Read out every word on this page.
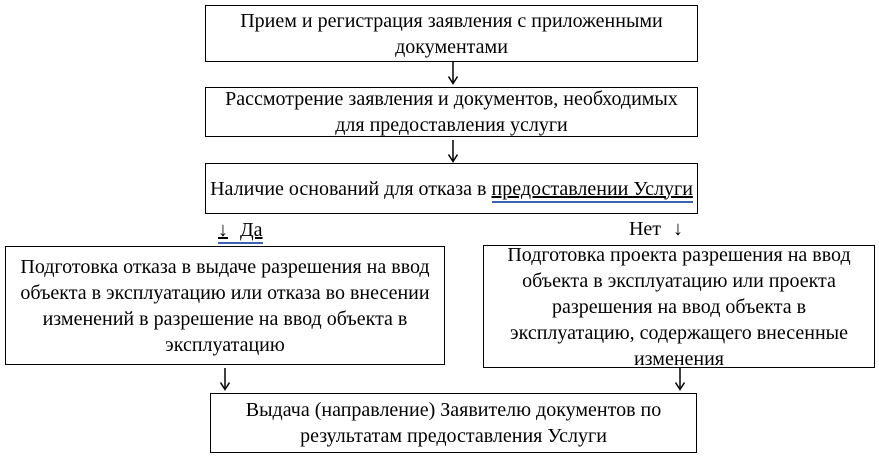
Прием и регистрация заявления с приложенными документами
Рассмотрение заявления и документов, необходимых для предоставления услуги
Наличие оснований для отказа в предоставлении Услуги
↓ Да	Нет ↓
Подготовка отказа в выдаче разрешения на ввод объекта в эксплуатацию или отказа во внесении изменений в разрешение на ввод объекта в эксплуатацию
Подготовка проекта разрешения на ввод объекта в эксплуатацию или проекта разрешения на ввод объекта в эксплуатацию, содержащего внесенные изменения
Выдача (направление) Заявителю документов по результатам предоставления Услуги
